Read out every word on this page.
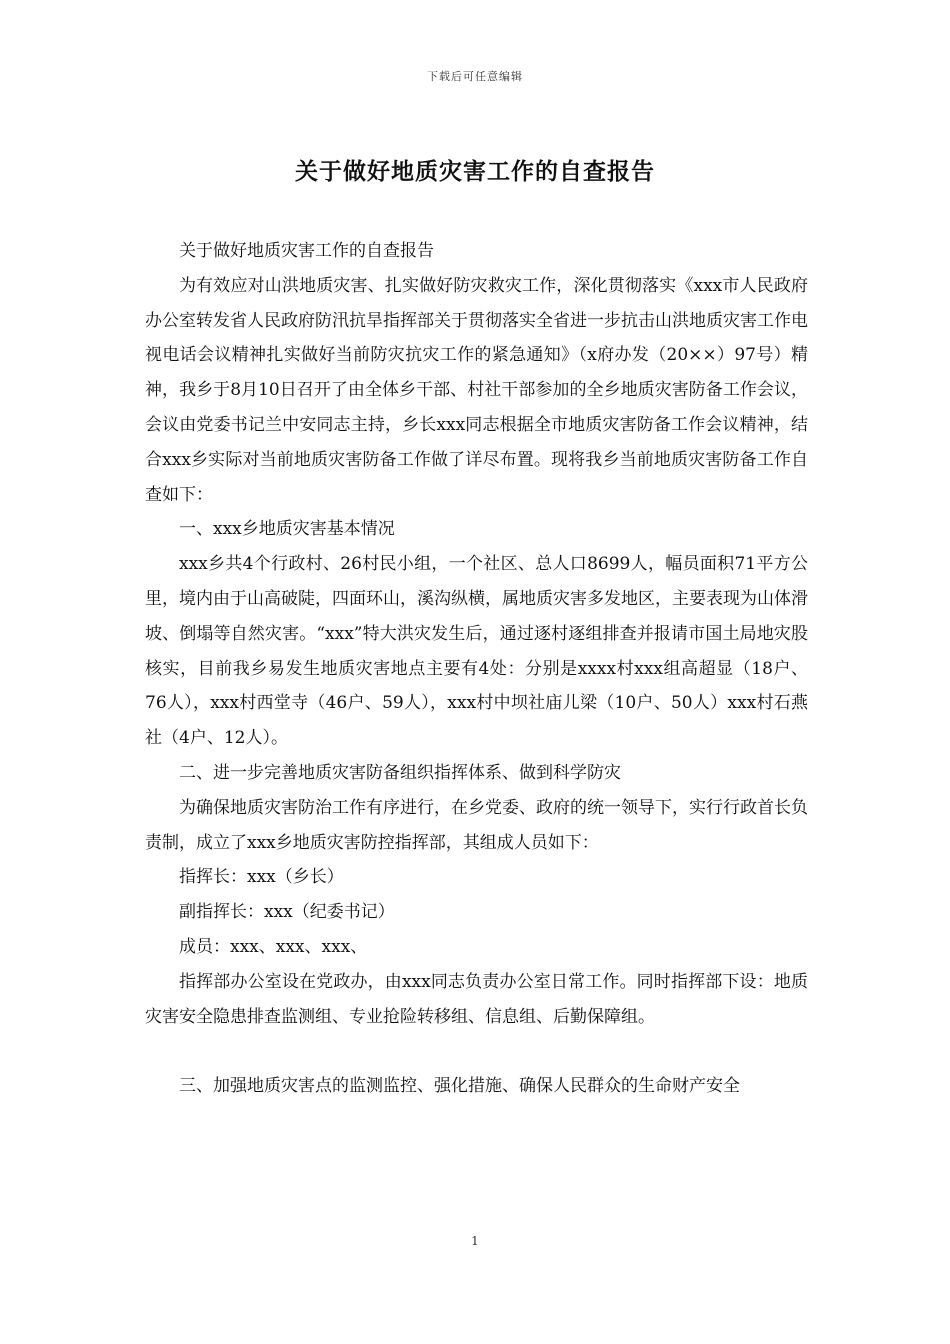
下载后可任意编辑
关于做好地质灾害工作的自查报告

关于做好地质灾害工作的自查报告

为有效应对山洪地质灾害、扎实做好防灾救灾工作，深化贯彻落实《xxx市人民政府办公室转发省人民政府防汛抗旱指挥部关于贯彻落实全省进一步抗击山洪地质灾害工作电视电话会议精神扎实做好当前防灾抗灾工作的紧急通知》（x府办发（20××）97号）精神，我乡于8月10日召开了由全体乡干部、村社干部参加的全乡地质灾害防备工作会议，会议由党委书记兰中安同志主持，乡长xxx同志根据全市地质灾害防备工作会议精神，结合xxx乡实际对当前地质灾害防备工作做了详尽布置。现将我乡当前地质灾害防备工作自查如下：

一、xxx乡地质灾害基本情况

xxx乡共4个行政村、26村民小组，一个社区、总人口8699人，幅员面积71平方公里，境内由于山高破陡，四面环山，溪沟纵横，属地质灾害多发地区，主要表现为山体滑坡、倒塌等自然灾害。“xxx”特大洪灾发生后，通过逐村逐组排查并报请市国土局地灾股核实，目前我乡易发生地质灾害地点主要有4处：分别是xxxx村xxx组高超显（18户、76人），xxx村西堂寺（46户、59人），xxx村中坝社庙儿梁（10户、50人）xxx村石燕社（4户、12人）。

二、进一步完善地质灾害防备组织指挥体系、做到科学防灾

为确保地质灾害防治工作有序进行，在乡党委、政府的统一领导下，实行行政首长负责制，成立了xxx乡地质灾害防控指挥部，其组成人员如下：

指挥长：xxx（乡长）

副指挥长：xxx（纪委书记）

成员：xxx、xxx、xxx、

指挥部办公室设在党政办，由xxx同志负责办公室日常工作。同时指挥部下设：地质灾害安全隐患排查监测组、专业抢险转移组、信息组、后勤保障组。

三、加强地质灾害点的监测监控、强化措施、确保人民群众的生命财产安全

1
